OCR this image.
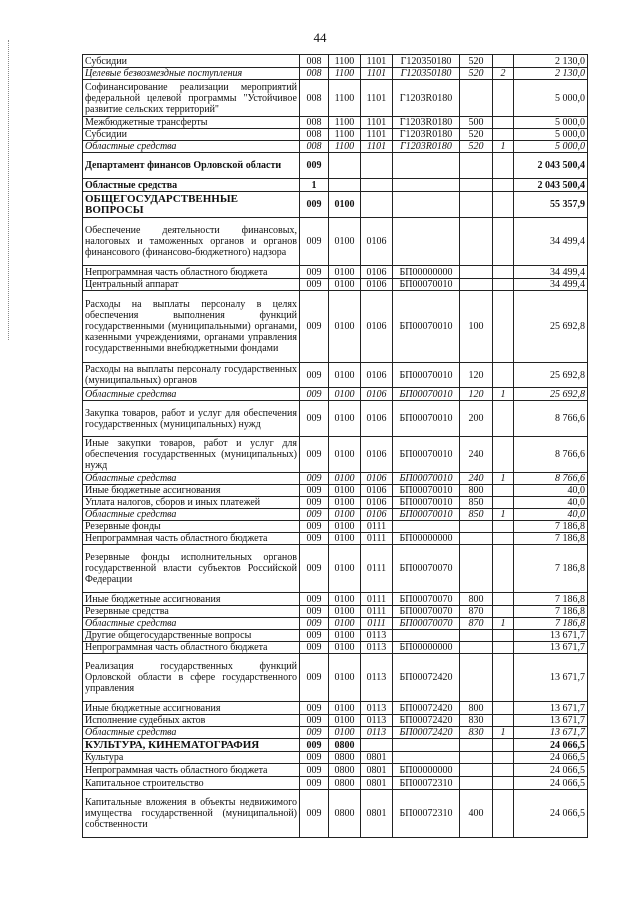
44
Субсидии	008	1100	1101	Г120350180	520		2 130,0
Целевые безвозмездные поступления	008	1100	1101	Г120350180	520	2	2 130,0
Софинансирование реализации мероприятий федеральной целевой программы "Устойчивое развитие сельских территорий"	008	1100	1101	Г1203R0180			5 000,0
Межбюджетные трансферты	008	1100	1101	Г1203R0180	500		5 000,0
Субсидии	008	1100	1101	Г1203R0180	520		5 000,0
Областные средства	008	1100	1101	Г1203R0180	520	1	5 000,0
Департамент финансов Орловской области	009						2 043 500,4
Областные средства	1						2 043 500,4
ОБЩЕГОСУДАРСТВЕННЫЕ ВОПРОСЫ	009	0100					55 357,9
Обеспечение деятельности финансовых, налоговых и таможенных органов и органов финансового (финансово-бюджетного) надзора	009	0100	0106				34 499,4
Непрограммная часть областного бюджета	009	0100	0106	БП00000000			34 499,4
Центральный аппарат	009	0100	0106	БП00070010			34 499,4
Расходы на выплаты персоналу в целях обеспечения выполнения функций государственными (муниципальными) органами, казенными учреждениями, органами управления государственными внебюджетными фондами	009	0100	0106	БП00070010	100		25 692,8
Расходы на выплаты персоналу государственных (муниципальных) органов	009	0100	0106	БП00070010	120		25 692,8
Областные средства	009	0100	0106	БП00070010	120	1	25 692,8
Закупка товаров, работ и услуг для обеспечения государственных (муниципальных) нужд	009	0100	0106	БП00070010	200		8 766,6
Иные закупки товаров, работ и услуг для обеспечения государственных (муниципальных) нужд	009	0100	0106	БП00070010	240		8 766,6
Областные средства	009	0100	0106	БП00070010	240	1	8 766,6
Иные бюджетные ассигнования	009	0100	0106	БП00070010	800		40,0
Уплата налогов, сборов и иных платежей	009	0100	0106	БП00070010	850		40,0
Областные средства	009	0100	0106	БП00070010	850	1	40,0
Резервные фонды	009	0100	0111				7 186,8
Непрограммная часть областного бюджета	009	0100	0111	БП00000000			7 186,8
Резервные фонды исполнительных органов государственной власти субъектов Российской Федерации	009	0100	0111	БП00070070			7 186,8
Иные бюджетные ассигнования	009	0100	0111	БП00070070	800		7 186,8
Резервные средства	009	0100	0111	БП00070070	870		7 186,8
Областные средства	009	0100	0111	БП00070070	870	1	7 186,8
Другие общегосударственные вопросы	009	0100	0113				13 671,7
Непрограммная часть областного бюджета	009	0100	0113	БП00000000			13 671,7
Реализация государственных функций Орловской области в сфере государственного управления	009	0100	0113	БП00072420			13 671,7
Иные бюджетные ассигнования	009	0100	0113	БП00072420	800		13 671,7
Исполнение судебных актов	009	0100	0113	БП00072420	830		13 671,7
Областные средства	009	0100	0113	БП00072420	830	1	13 671,7
КУЛЬТУРА, КИНЕМАТОГРАФИЯ	009	0800					24 066,5
Культура	009	0800	0801				24 066,5
Непрограммная часть областного бюджета	009	0800	0801	БП00000000			24 066,5
Капитальное строительство	009	0800	0801	БП00072310			24 066,5
Капитальные вложения в объекты недвижимого имущества государственной (муниципальной) собственности	009	0800	0801	БП00072310	400		24 066,5
